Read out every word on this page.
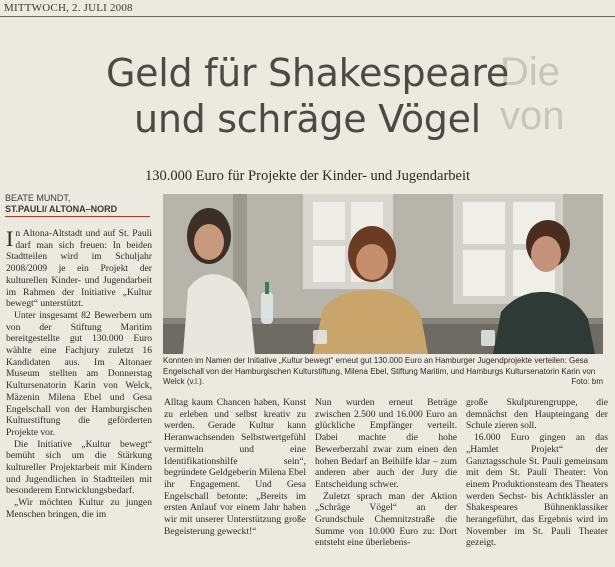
MITTWOCH, 2. JULI 2008
Die
von
Geld für Shakespeare
und schräge Vögel
130.000 Euro für Projekte der Kinder- und Jugendarbeit
BEATE MUNDT,
ST.PAULI/ ALTONA–NORD
Konnten im Namen der Initiative „Kultur bewegt“ erneut gut 130.000 Euro an Hamburger Jugendprojekte verteilen: Gesa Engelschall von der Hamburgischen Kulturstiftung, Milena Ebel, Stiftung Maritim, und Hamburgs Kultursenatorin Karin von Welck (v.l.).	Foto: bm

In Altona-Altstadt und auf St. Pauli darf man sich freuen: In beiden Stadtteilen wird im Schuljahr 2008/2009 je ein Projekt der kulturellen Kinder- und Jugendarbeit im Rahmen der Initiative „Kultur bewegt“ unterstützt.

Unter insgesamt 82 Bewerbern um von der Stiftung Maritim bereitgestellte gut 130.000 Euro wählte eine Fachjury zuletzt 16 Kandidaten aus. Im Altonaer Museum stellten am Donnerstag Kultursenatorin Karin von Welck, Mäzenin Milena Ebel und Gesa Engelschall von der Hamburgischen Kulturstiftung die geförderten Projekte vor.

Die Initiative „Kultur bewegt“ bemüht sich um die Stärkung kultureller Projektarbeit mit Kindern und Jugendlichen in Stadtteilen mit besonderem Entwicklungsbedarf.

„Wir möchten Kultur zu jungen Menschen bringen, die im

Alltag kaum Chancen haben, Kunst zu erleben und selbst kreativ zu werden. Gerade Kultur kann Heranwachsenden Selbstwertgefühl vermitteln und eine Identifikationshilfe sein“, begründete Geldgeberin Milena Ebel ihr Engagement. Und Gesa Engelschall betonte: „Bereits im ersten Anlauf vor einem Jahr haben wir mit unserer Unterstützung große Begeisterung geweckt!“

Nun wurden erneut Beträge zwischen 2.500 und 16.000 Euro an glückliche Empfänger verteilt. Dabei machte die hohe Bewerberzahl zwar zum einen den hohen Bedarf an Beihilfe klar – zum anderen aber auch der Jury die Entscheidung schwer.

Zuletzt sprach man der Aktion „Schräge Vögel“ an der Grundschule Chemnitzstraße die Summe von 10.000 Euro zu: Dort entsteht eine überlebens-

große Skulpturengruppe, die demnächst den Haupteingang der Schule zieren soll.

16.000 Euro gingen an das „Hamlet Projekt“ der Ganztagsschule St. Pauli gemeinsam mit dem St. Pauli Theater: Von einem Produktionsteam des Theaters werden Sechst- bis Achtklässler an Shakespeares Bühnenklassiker herangeführt, das Ergebnis wird im November im St. Pauli Theater gezeigt.
